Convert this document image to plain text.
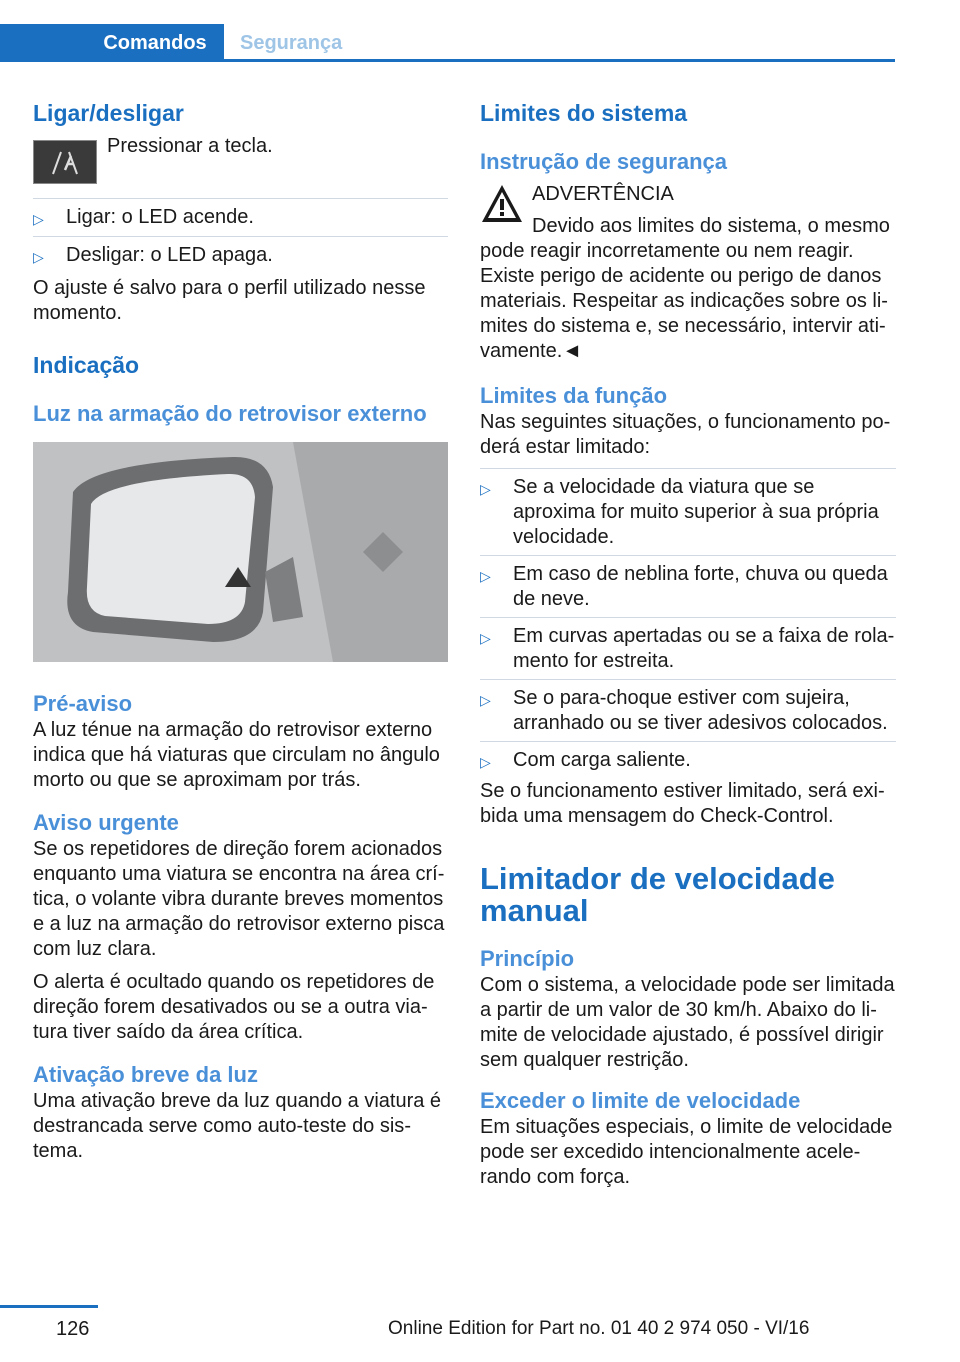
Comandos	Segurança
Ligar/desligar

Pressionar a tecla.

▷	Ligar: o LED acende.
▷	Desligar: o LED apaga.

O ajuste é salvo para o perfil utilizado nesse momento.

Indicação
Luz na armação do retrovisor externo
Pré-aviso

A luz ténue na armação do retrovisor externo indica que há viaturas que circulam no ângulo morto ou que se aproximam por trás.

Aviso urgente

Se os repetidores de direção forem acionados enquanto uma viatura se encontra na área crítica, o volante vibra durante breves momentos e a luz na armação do retrovisor externo pisca com luz clara.

O alerta é ocultado quando os repetidores de direção forem desativados ou se a outra viatura tiver saído da área crítica.

Ativação breve da luz

Uma ativação breve da luz quando a viatura é destrancada serve como auto-teste do sistema.

Limites do sistema
Instrução de segurança

ADVERTÊNCIA

Devido aos limites do sistema, o mesmo pode reagir incorretamente ou nem reagir. Existe perigo de acidente ou perigo de danos materiais. Respeitar as indicações sobre os limites do sistema e, se necessário, intervir ativamente.◄

Limites da função

Nas seguintes situações, o funcionamento poderá estar limitado:

▷	Se a velocidade da viatura que se aproxima for muito superior à sua própria velocidade.
▷	Em caso de neblina forte, chuva ou queda de neve.
▷	Em curvas apertadas ou se a faixa de rolamento for estreita.
▷	Se o para-choque estiver com sujeira, arranhado ou se tiver adesivos colocados.
▷	Com carga saliente.

Se o funcionamento estiver limitado, será exibida uma mensagem do Check-Control.

Limitador de velocidade manual
Princípio

Com o sistema, a velocidade pode ser limitada a partir de um valor de 30 km/h. Abaixo do limite de velocidade ajustado, é possível dirigir sem qualquer restrição.

Exceder o limite de velocidade

Em situações especiais, o limite de velocidade pode ser excedido intencionalmente acelerando com força.

126	Online Edition for Part no. 01 40 2 974 050 - VI/16
